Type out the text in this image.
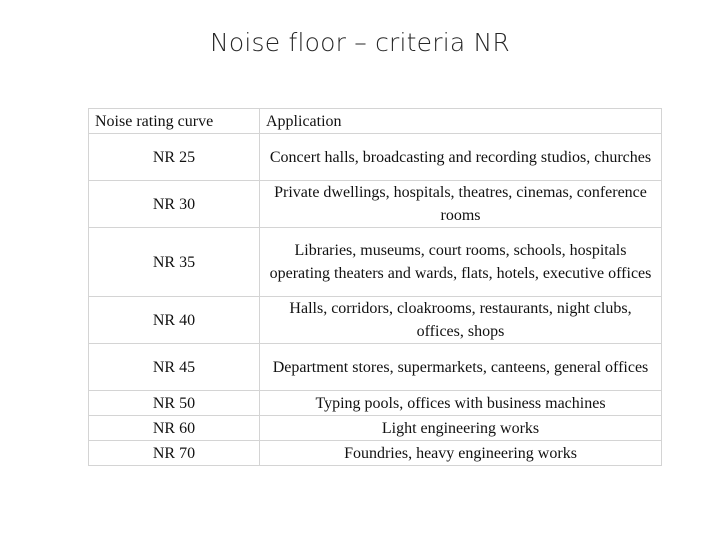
Noise floor – criteria NR
Noise rating curve	Application
NR 25	Concert halls, broadcasting and recording studios, churches
NR 30	Private dwellings, hospitals, theatres, cinemas, conference rooms
NR 35	Libraries, museums, court rooms, schools, hospitals operating theaters and wards, flats, hotels, executive offices
NR 40	Halls, corridors, cloakrooms, restaurants, night clubs, offices, shops
NR 45	Department stores, supermarkets, canteens, general offices
NR 50	Typing pools, offices with business machines
NR 60	Light engineering works
NR 70	Foundries, heavy engineering works
